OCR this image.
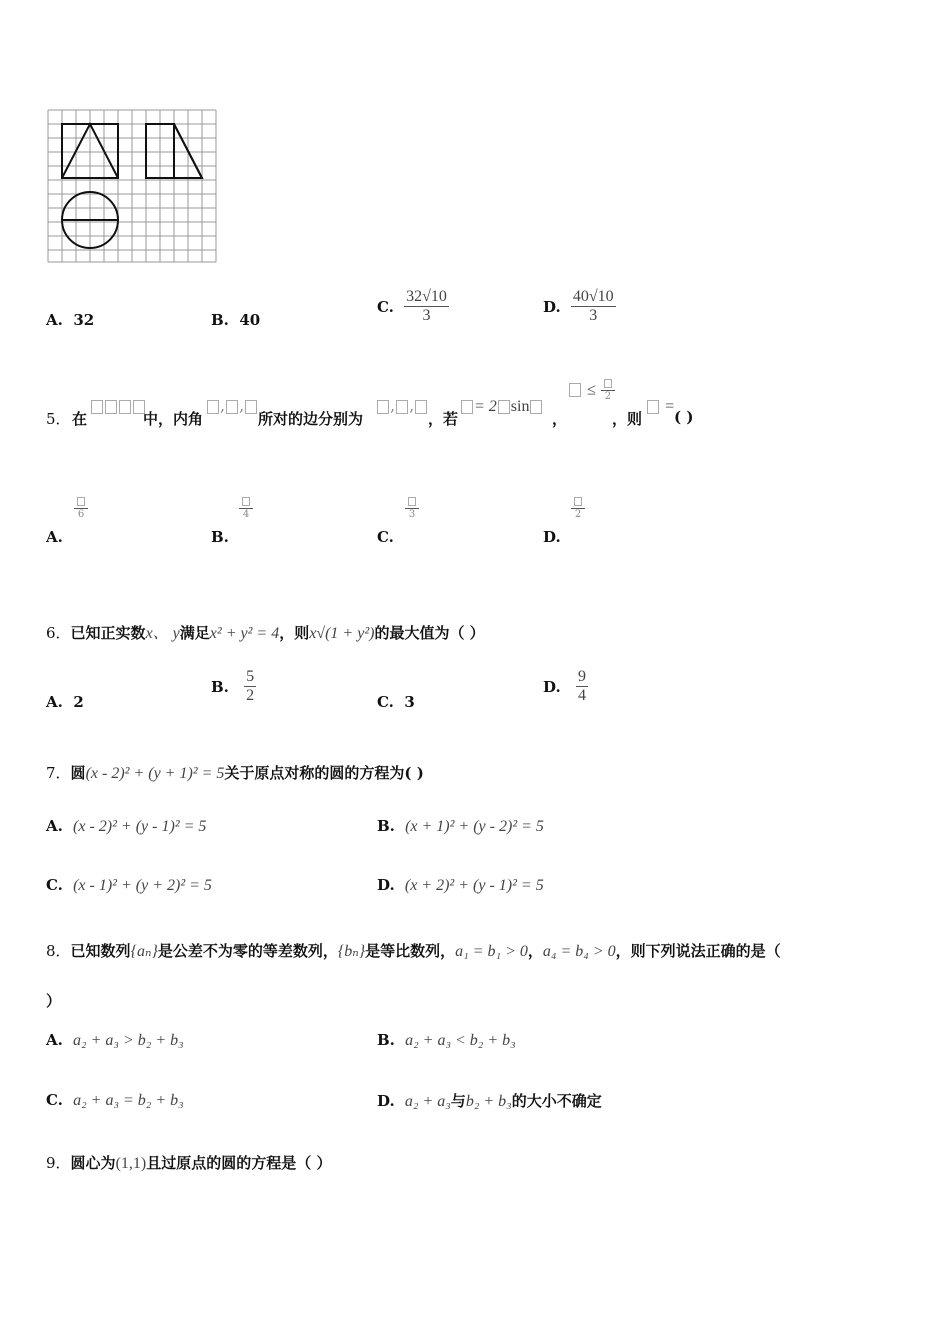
A. 32	B. 40
C. $\frac{32√10}{3}$	D. $\frac{40√10}{3}$
5． 在	中，内角
, ,
所对的边分别为
, ,
，若
= 2 sin
，
≤ 2
，则
=
( )
A.
6
B.
4
C.
3
D.
2
6．已知正实数x、 y满足x² + y² = 4，则x√(1 + y²)的最大值为（ ）
A. 2
B. $\frac{5}{2}$	C. 3
D. $\frac{9}{4}$
7．圆(x - 2)² + (y + 1)² = 5关于原点对称的圆的方程为( )
A. (x - 2)² + (y - 1)² = 5	B. (x + 1)² + (y - 2)² = 5
C. (x - 1)² + (y + 2)² = 5	D. (x + 2)² + (y - 1)² = 5
8．已知数列{aₙ}是公差不为零的等差数列，{bₙ}是等比数列，a₁ = b₁ > 0，a₄ = b₄ > 0，则下列说法正确的是（
）
A. a₂ + a₃ > b₂ + b₃	B. a₂ + a₃ < b₂ + b₃
C. a₂ + a₃ = b₂ + b₃	D. a₂ + a₃与b₂ + b₃的大小不确定
9．圆心为(1,1)且过原点的圆的方程是（ ）
